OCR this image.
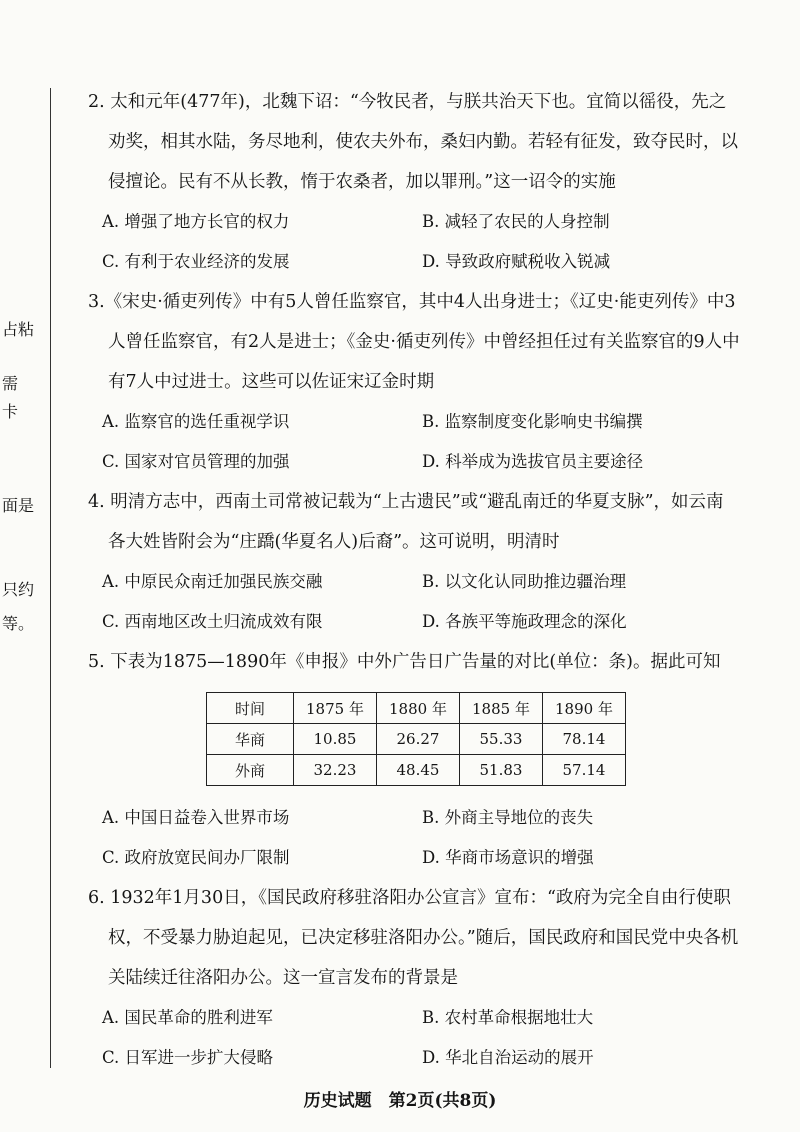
占粘
需
卡
面是
只约
等。

2. 太和元年(477年)，北魏下诏：“今牧民者，与朕共治天下也。宜简以徭役，先之劝奖，相其水陆，务尽地利，使农夫外布，桑妇内勤。若轻有征发，致夺民时，以侵擅论。民有不从长教，惰于农桑者，加以罪刑。”这一诏令的实施

A. 增强了地方长官的权力	B. 减轻了农民的人身控制
C. 有利于农业经济的发展	D. 导致政府赋税收入锐减

3.《宋史·循吏列传》中有5人曾任监察官，其中4人出身进士；《辽史·能吏列传》中3人曾任监察官，有2人是进士；《金史·循吏列传》中曾经担任过有关监察官的9人中有7人中过进士。这些可以佐证宋辽金时期

A. 监察官的选任重视学识	B. 监察制度变化影响史书编撰
C. 国家对官员管理的加强	D. 科举成为选拔官员主要途径

4. 明清方志中，西南土司常被记载为“上古遗民”或“避乱南迁的华夏支脉”，如云南各大姓皆附会为“庄蹻(华夏名人)后裔”。这可说明，明清时

A. 中原民众南迁加强民族交融	B. 以文化认同助推边疆治理
C. 西南地区改土归流成效有限	D. 各族平等施政理念的深化

5. 下表为1875—1890年《申报》中外广告日广告量的对比(单位：条)。据此可知

时间	1875 年	1880 年	1885 年	1890 年
华商	10.85	26.27	55.33	78.14
外商	32.23	48.45	51.83	57.14
A. 中国日益卷入世界市场	B. 外商主导地位的丧失
C. 政府放宽民间办厂限制	D. 华商市场意识的增强

6. 1932年1月30日，《国民政府移驻洛阳办公宣言》宣布：“政府为完全自由行使职权，不受暴力胁迫起见，已决定移驻洛阳办公。”随后，国民政府和国民党中央各机关陆续迁往洛阳办公。这一宣言发布的背景是

A. 国民革命的胜利进军	B. 农村革命根据地壮大
C. 日军进一步扩大侵略	D. 华北自治运动的展开
历史试题　第2页(共8页)
